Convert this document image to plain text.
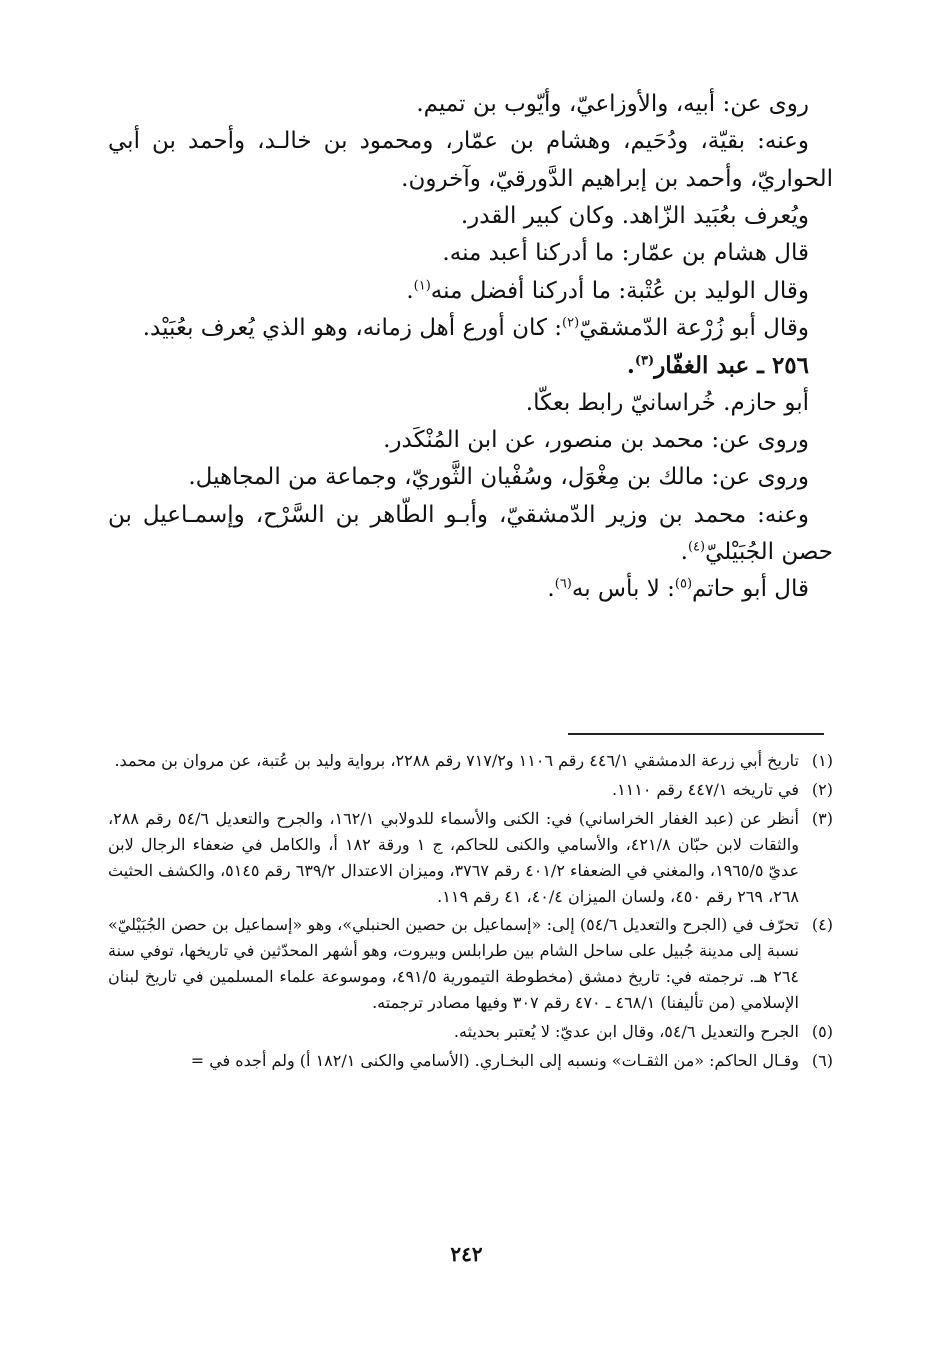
روى عن: أبيه، والأوزاعيّ، وأيّوب بن تميم.
وعنه: بقيّة، ودُحَيم، وهشام بن عمّار، ومحمود بن خالـد، وأحمد بن أبي
الحواريّ، وأحمد بن إبراهيم الدَّورقيّ، وآخرون.
ويُعرف بعُبَيد الزّاهد. وكان كبير القدر.
قال هشام بن عمّار: ما أدركنا أعبد منه.
وقال الوليد بن عُتْبة: ما أدركنا أفضل منه$^{(١)}$.
وقال أبو زُرْعة الدّمشقيّ$^{(٢)}$: كان أورع أهل زمانه، وهو الذي يُعرف بعُبَيْد.
٢٥٦ ـ عبد الغفّار$^{(٣)}$.
أبو حازم. خُراسانيّ رابط بعكّا.
وروى عن: محمد بن منصور، عن ابن المُنْكَدر.
وروى عن: مالك بن مِغْوَل، وسُفْيان الثَّوريّ، وجماعة من المجاهيل.
وعنه: محمد بن وزير الدّمشقيّ، وأبـو الطّاهر بن السَّرْح، وإسمـاعيل بن
حصن الجُبَيْليّ$^{(٤)}$.
قال أبو حاتم$^{(٥)}$: لا بأس به$^{(٦)}$.
(١)
تاريخ أبي زرعة الدمشقي ٤٤٦/١ رقم ١١٠٦ و٧١٧/٢ رقم ٢٢٨٨، برواية وليد بن عُتبة، عن مروان بن محمد.
(٢)
في تاريخه ٤٤٧/١ رقم ١١١٠.
(٣)
أنظر عن (عبد الغفار الخراساني) في: الكنى والأسماء للدولابي ١٦٢/١، والجرح والتعديل ٥٤/٦ رقم ٢٨٨، والثقات لابن حبّان ٤٢١/٨، والأسامي والكنى للحاكم، ج ١ ورقة ١٨٢ أ، والكامل في ضعفاء الرجال لابن عديّ ١٩٦٥/٥، والمغني في الضعفاء ٤٠١/٢ رقم ٣٧٦٧، وميزان الاعتدال ٦٣٩/٢ رقم ٥١٤٥، والكشف الحثيث ٢٦٨، ٢٦٩ رقم ٤٥٠، ولسان الميزان ٤٠/٤، ٤١ رقم ١١٩.
(٤)
تحرّف في (الجرح والتعديل ٥٤/٦) إلى: «إسماعيل بن حصين الحنبلي»، وهو «إسماعيل بن حصن الجُبَيْليّ» نسبة إلى مدينة جُبيل على ساحل الشام بين طرابلس وبيروت، وهو أشهر المحدّثين في تاريخها، توفي سنة ٢٦٤ هـ. ترجمته في: تاريخ دمشق (مخطوطة التيمورية ٤٩١/٥، وموسوعة علماء المسلمين في تاريخ لبنان الإسلامي (من تأليفنا) ٤٦٨/١ ـ ٤٧٠ رقم ٣٠٧ وفيها مصادر ترجمته.
(٥)
الجرح والتعديل ٥٤/٦، وقال ابن عديّ: لا يُعتبر بحديثه.
(٦)
وقـال الحاكم: «من الثقـات» ونسبه إلى البخـاري. (الأسامي والكنى ١٨٢/١ أ) ولم أجده في =
٢٤٢
